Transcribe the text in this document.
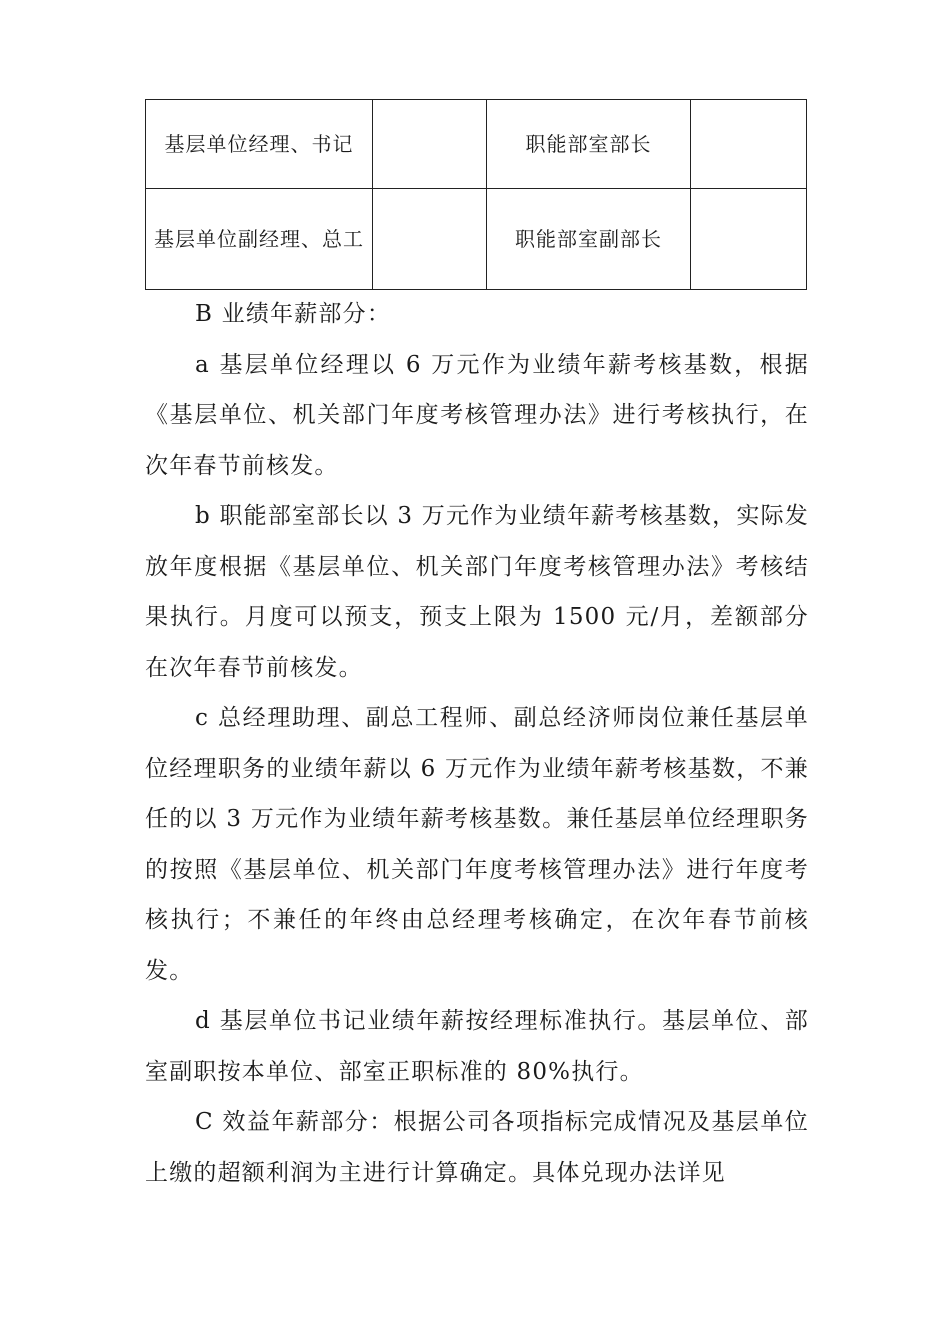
基层单位经理、书记		职能部室部长	
基层单位副经理、总工		职能部室副部长	

B 业绩年薪部分：

a 基层单位经理以 6 万元作为业绩年薪考核基数，根据《基层单位、机关部门年度考核管理办法》进行考核执行，在次年春节前核发。

b 职能部室部长以 3 万元作为业绩年薪考核基数，实际发放年度根据《基层单位、机关部门年度考核管理办法》考核结果执行。月度可以预支，预支上限为 1500 元/月，差额部分在次年春节前核发。

c 总经理助理、副总工程师、副总经济师岗位兼任基层单位经理职务的业绩年薪以 6 万元作为业绩年薪考核基数，不兼任的以 3 万元作为业绩年薪考核基数。兼任基层单位经理职务的按照《基层单位、机关部门年度考核管理办法》进行年度考核执行；不兼任的年终由总经理考核确定，在次年春节前核发。

d 基层单位书记业绩年薪按经理标准执行。基层单位、部室副职按本单位、部室正职标准的 80%执行。

C 效益年薪部分：根据公司各项指标完成情况及基层单位上缴的超额利润为主进行计算确定。具体兑现办法详见
